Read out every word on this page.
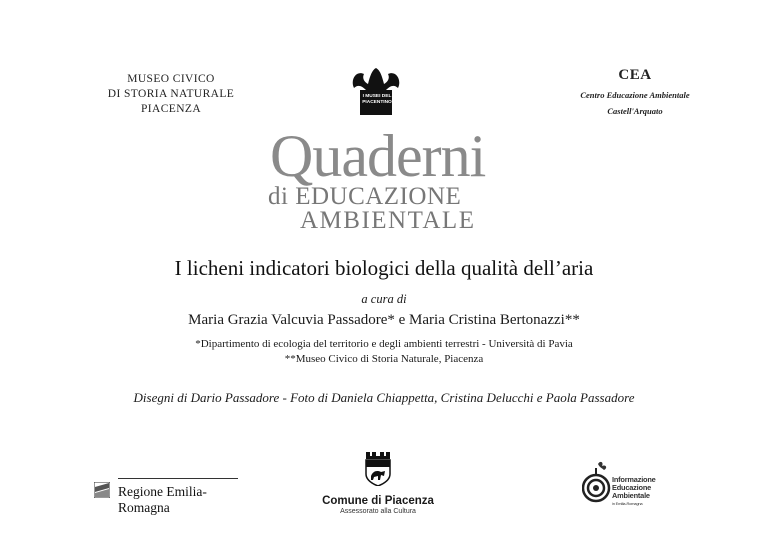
MUSEO CIVICO
DI STORIA NATURALE
PIACENZA
I MUSEI DEL
PIACENTINO
CEA
Centro Educazione Ambientale
Castell'Arquato
Quaderni
di EDUCAZIONE
AMBIENTALE
I licheni indicatori biologici della qualità dell’aria
a cura di
Maria Grazia Valcuvia Passadore* e Maria Cristina Bertonazzi**
*Dipartimento di ecologia del territorio e degli ambienti terrestri - Università di Pavia
**Museo Civico di Storia Naturale, Piacenza
Disegni di Dario Passadore - Foto di Daniela Chiappetta, Cristina Delucchi e Paola Passadore
Regione Emilia-Romagna	Comune di Piacenza
Assessorato alla Cultura
Informazione
Educazione
Ambientale
in Emilia-Romagna
